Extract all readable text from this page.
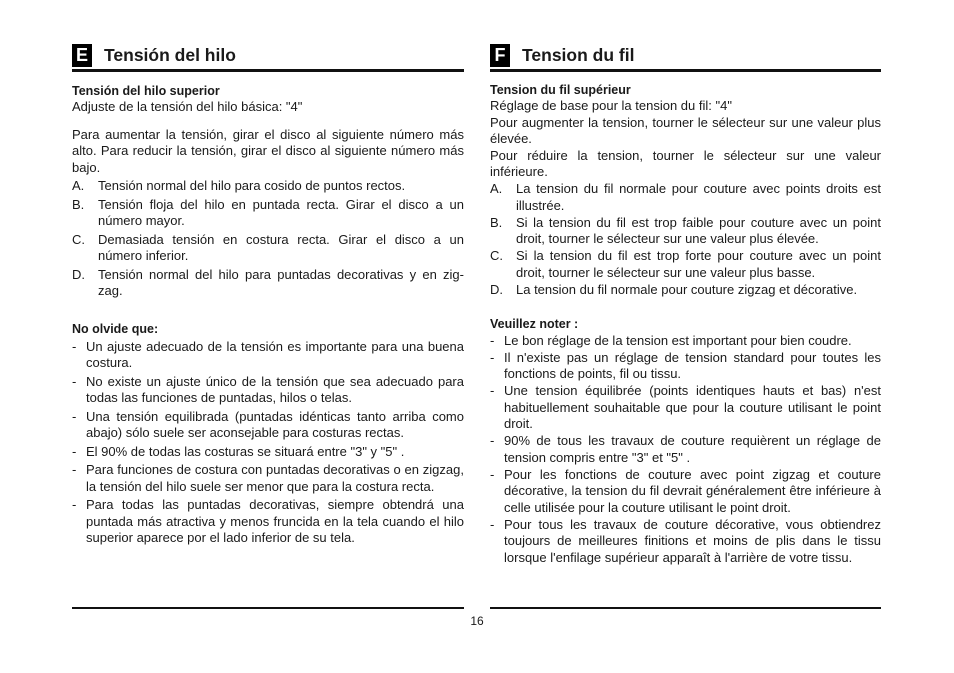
E Tensión del hilo
Tensión del hilo superior

Adjuste de la tensión del hilo básica: "4"

Para aumentar la tensión, girar el disco al siguiente número más alto. Para reducir la tensión, girar el disco al siguiente número más bajo.

A.	Tensión normal del hilo para cosido de puntos rectos.
B.	Tensión floja del hilo en puntada recta. Girar el disco a un número mayor.
C.	Demasiada tensión en costura recta. Girar el disco a un número inferior.
D.	Tensión normal del hilo para puntadas decorativas y en zig-zag.
No olvide que:
- Un ajuste adecuado de la tensión es importante para una buena costura.
- No existe un ajuste único de la tensión que sea adecuado para todas las funciones de puntadas, hilos o telas.
- Una tensión equilibrada (puntadas idénticas tanto arriba como abajo) sólo suele ser aconsejable para costuras rectas.
- El 90% de todas las costuras se situará entre "3" y "5" .
- Para funciones de costura con puntadas decorativas o en zigzag, la tensión del hilo suele ser menor que para la costura recta.
- Para todas las puntadas decorativas, siempre obtendrá una puntada más atractiva y menos fruncida en la tela cuando el hilo superior aparece por el lado inferior de su tela.
F Tension du fil
Tension du fil supérieur

Réglage de base pour la tension du fil: "4"

Pour augmenter la tension, tourner le sélecteur sur une valeur plus élevée.

Pour réduire la tension, tourner le sélecteur sur une valeur inférieure.

A.	La tension du fil normale pour couture avec points droits est illustrée.
B.	Si la tension du fil est trop faible pour couture avec un point droit, tourner le sélecteur sur une valeur plus élevée.
C.	Si la tension du fil est trop forte pour couture avec un point droit, tourner le sélecteur sur une valeur plus basse.
D.	La tension du fil normale pour couture zigzag et décorative.
Veuillez noter :
- Le bon réglage de la tension est important pour bien coudre.
- Il n'existe pas un réglage de tension standard pour toutes les fonctions de points, fil ou tissu.
- Une tension équilibrée (points identiques hauts et bas) n'est habituellement souhaitable que pour la couture utilisant le point droit.
- 90% de tous les travaux de couture requièrent un réglage de tension compris entre "3" et "5" .
- Pour les fonctions de couture avec point zigzag et couture décorative, la tension du fil devrait généralement être inférieure à celle utilisée pour la couture utilisant le point droit.
- Pour tous les travaux de couture décorative, vous obtiendrez toujours de meilleures finitions et moins de plis dans le tissu lorsque l'enfilage supérieur apparaît à l'arrière de votre tissu.
16
